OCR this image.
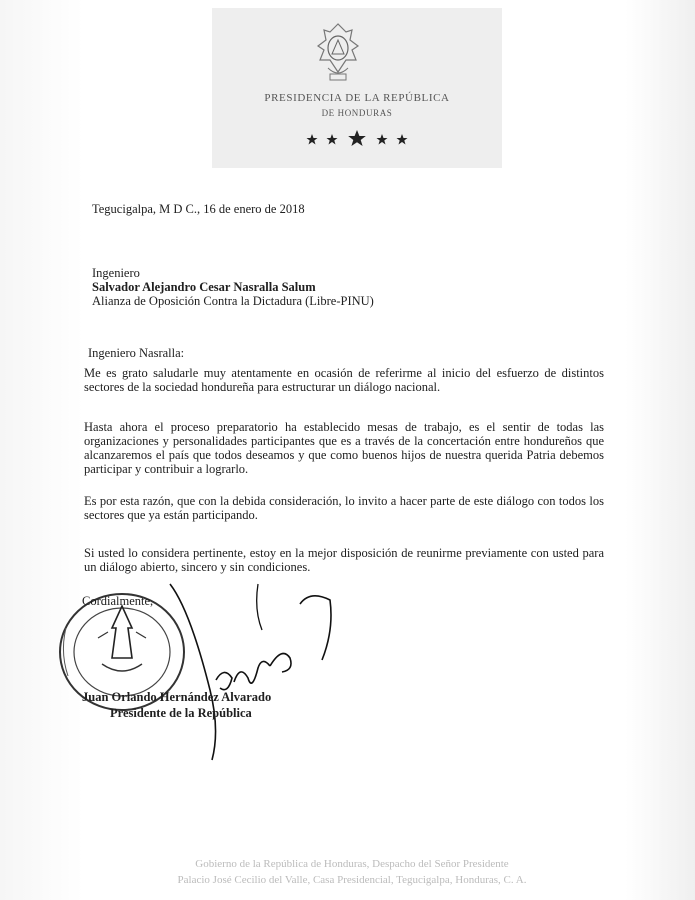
PRESIDENCIA DE LA REPÚBLICA
DE HONDURAS
Tegucigalpa, M D C., 16 de enero de 2018
Ingeniero
Salvador Alejandro Cesar Nasralla Salum
Alianza de Oposición Contra la Dictadura (Libre-PINU)
Ingeniero Nasralla:
Me es grato saludarle muy atentamente en ocasión de referirme al inicio del esfuerzo de distintos sectores de la sociedad hondureña para estructurar un diálogo nacional.
Hasta ahora el proceso preparatorio ha establecido mesas de trabajo, es el sentir de todas las organizaciones y personalidades participantes que es a través de la concertación entre hondureños que alcanzaremos el país que todos deseamos y que como buenos hijos de nuestra querida Patria debemos participar y contribuir a lograrlo.
Es por esta razón, que con la debida consideración, lo invito a hacer parte de este diálogo con todos los sectores que ya están participando.
Si usted lo considera pertinente, estoy en la mejor disposición de reunirme previamente con usted para un diálogo abierto, sincero y sin condiciones.
Cordialmente,
Juan Orlando Hernández Alvarado
Presidente de la República
Gobierno de la República de Honduras, Despacho del Señor Presidente
Palacio José Cecilio del Valle, Casa Presidencial, Tegucigalpa, Honduras, C. A.
